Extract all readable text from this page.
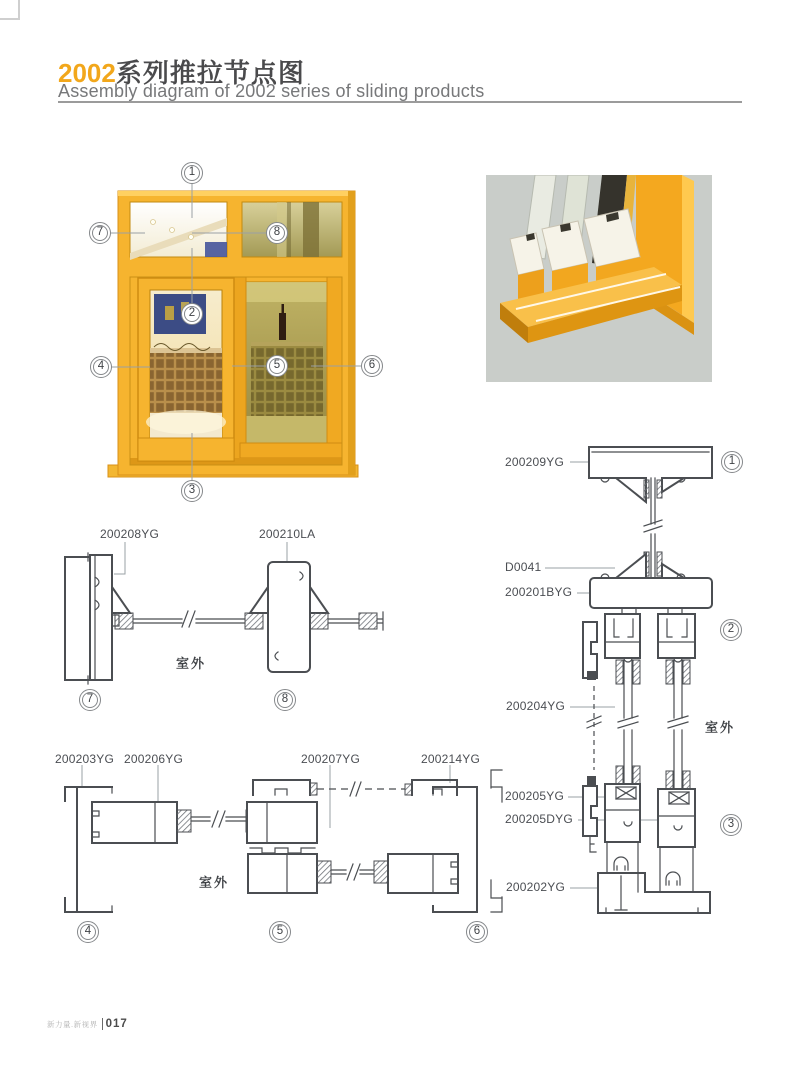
2002系列推拉节点图
Assembly diagram of 2002 series of sliding products
1
2
3
4	5	6
7	8
200208YG	200210LA
室外
7	8
200203YG 200206YG	200207YG	200214YG
室外
4	5	6
200209YG
D0041
200201BYG
200204YG
200205YG
200205DYG
200202YG
室外
1
2
3
新力量.新视界 017
